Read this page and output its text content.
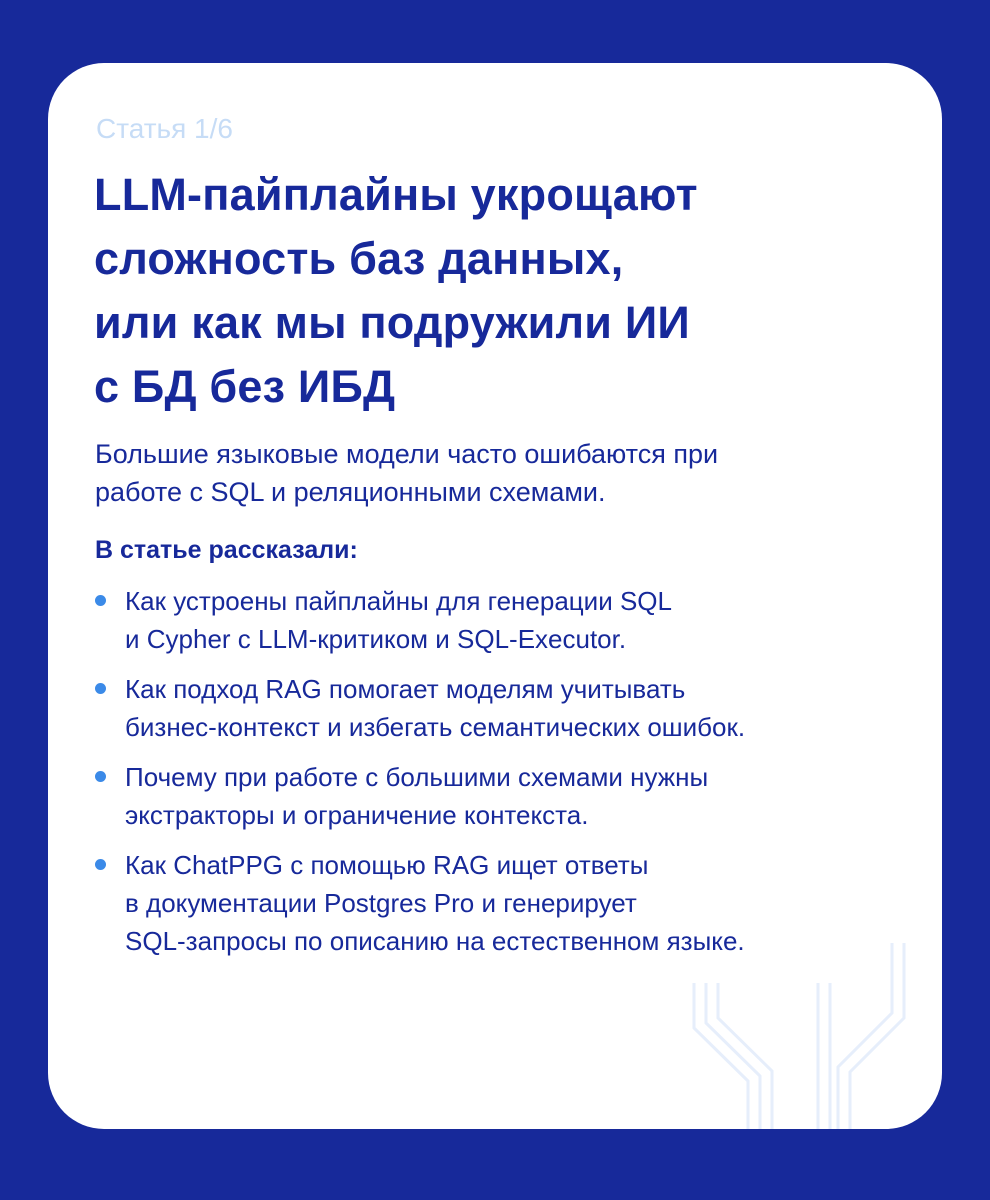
Статья 1/6

LLM-пайплайны укрощают
сложность баз данных,
или как мы подружили ИИ
с БД без ИБД

Большие языковые модели часто ошибаются при
работе с SQL и реляционными схемами.

В статье рассказали:
Как устроены пайплайны для генерации SQL
и Cypher с LLM-критиком и SQL-Executor.
Как подход RAG помогает моделям учитывать
бизнес-контекст и избегать семантических ошибок.
Почему при работе с большими схемами нужны
экстракторы и ограничение контекста.
Как ChatPPG с помощью RAG ищет ответы
в документации Postgres Pro и генерирует
SQL-запросы по описанию на естественном языке.
